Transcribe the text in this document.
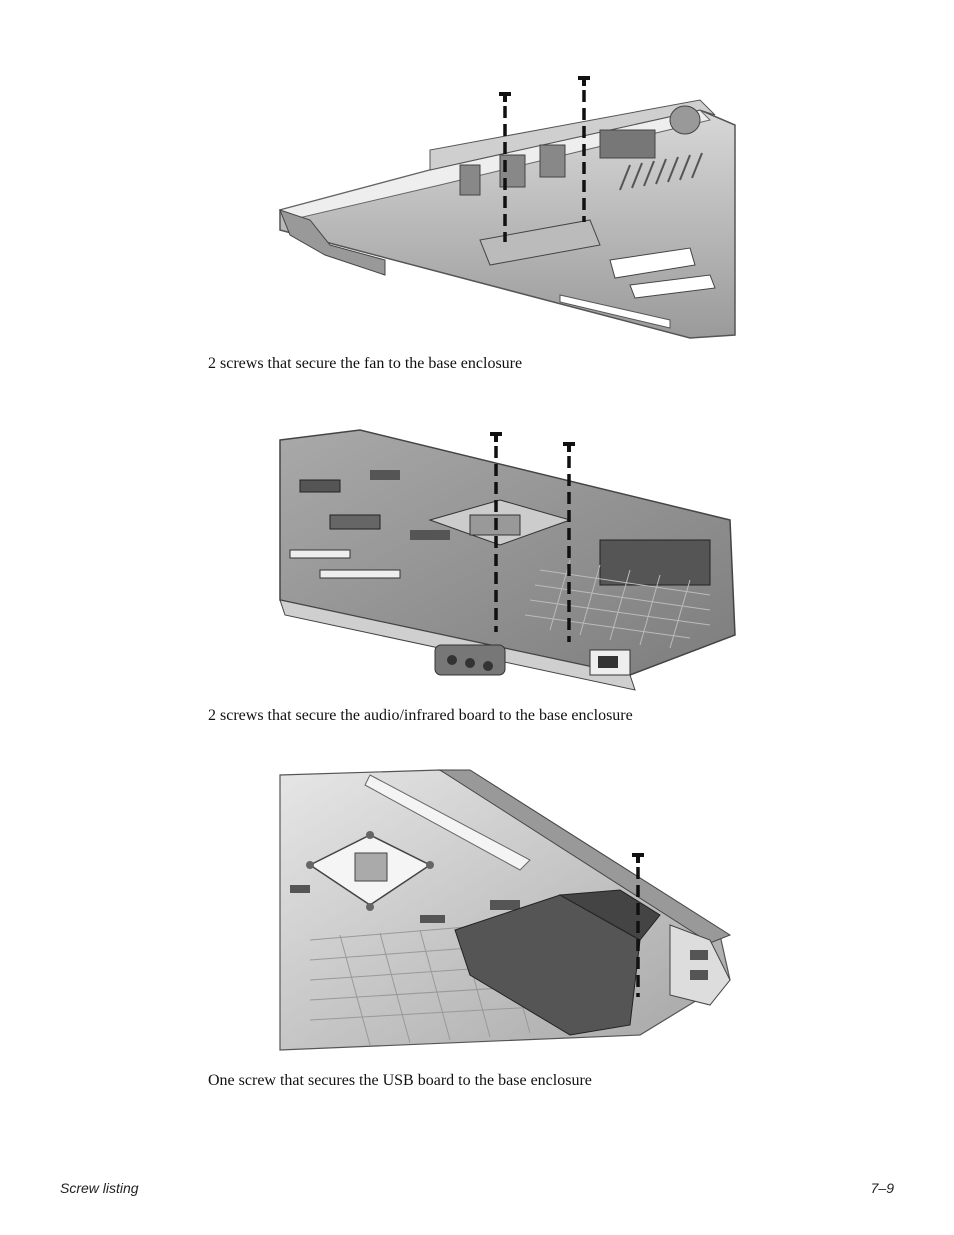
2 screws that secure the fan to the base enclosure
2 screws that secure the audio/infrared board to the base enclosure
One screw that secures the USB board to the base enclosure
Screw listing	7–9
